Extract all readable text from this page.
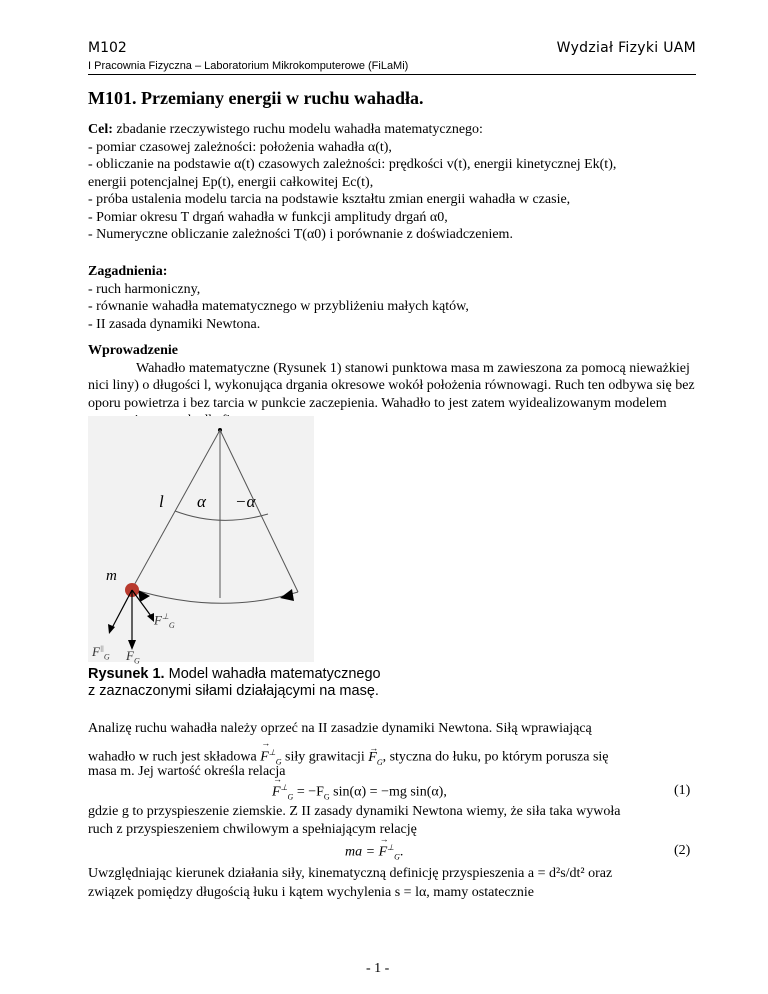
M102	Wydział Fizyki UAM
I Pracownia Fizyczna – Laboratorium Mikrokomputerowe (FiLaMi)
M101. Przemiany energii w ruchu wahadła.
Cel: zbadanie rzeczywistego ruchu modelu wahadła matematycznego:
- pomiar czasowej zależności: położenia wahadła α(t),
- obliczanie na podstawie α(t) czasowych zależności: prędkości v(t), energii kinetycznej Ek(t),
energii potencjalnej Ep(t), energii całkowitej Ec(t),
- próba ustalenia modelu tarcia na podstawie kształtu zmian energii wahadła w czasie,
- Pomiar okresu T drgań wahadła w funkcji amplitudy drgań α0,
- Numeryczne obliczanie zależności T(α0) i porównanie z doświadczeniem.
Zagadnienia:
- ruch harmoniczny,
- równanie wahadła matematycznego w przybliżeniu małych kątów,
- II zasada dynamiki Newtona.
Wprowadzenie
Wahadło matematyczne (Rysunek 1) stanowi punktowa masa m zawieszona za pomocą nieważkiej nici liny) o długości l, wykonująca drgania okresowe wokół położenia równowagi. Ruch ten odbywa się bez oporu powietrza i bez tarcia w punkcie zaczepienia. Wahadło to jest zatem wyidealizowanym modelem
l α −α
m
$F^\perp_G$
$F^{||}_G$ $F_G$
Rysunek 1. Model wahadła matematycznego
z zaznaczonymi siłami działającymi na masę.
Analizę ruchu wahadła należy oprzeć na II zasadzie dynamiki Newtona. Siłą wprawiającą
wahadło w ruch jest składowa → $F^\perp_G$ siły grawitacji → $F_G$, styczna do łuku, po którym porusza się
masa m. Jej wartość określa relacja
→ $F^\perp_G = -F_G$ sin(α) = −mg sin(α),	(1)
gdzie g to przyspieszenie ziemskie. Z II zasady dynamiki Newtona wiemy, że siła taka wywoła
ruch z przyspieszeniem chwilowym a spełniającym relację
ma = → $F^\perp_G$.	(2)
Uwzględniając kierunek działania siły, kinematyczną definicję przyspieszenia a = d²s/dt² oraz
związek pomiędzy długością łuku i kątem wychylenia s = lα, mamy ostatecznie
- 1 -
